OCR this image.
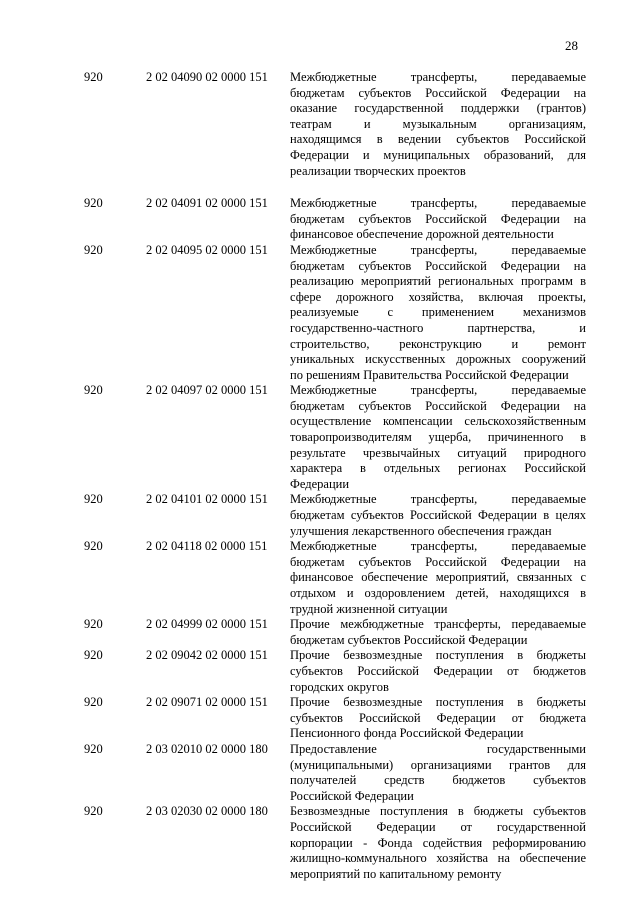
28
920	2 02 04090 02 0000 151	Межбюджетные трансферты, передаваемые
бюджетам субъектов Российской Федерации на
оказание государственной поддержки (грантов)
театрам и музыкальным организациям,
находящимся в ведении субъектов Российской
Федерации и муниципальных образований, для
реализации творческих проектов
920	2 02 04091 02 0000 151	Межбюджетные трансферты, передаваемые
бюджетам субъектов Российской Федерации на
финансовое обеспечение дорожной деятельности
920	2 02 04095 02 0000 151	Межбюджетные трансферты, передаваемые
бюджетам субъектов Российской Федерации на
реализацию мероприятий региональных программ в
сфере дорожного хозяйства, включая проекты,
реализуемые с применением механизмов
государственно-частного партнерства, и
строительство, реконструкцию и ремонт
уникальных искусственных дорожных сооружений
по решениям Правительства Российской Федерации
920	2 02 04097 02 0000 151	Межбюджетные трансферты, передаваемые
бюджетам субъектов Российской Федерации на
осуществление компенсации сельскохозяйственным
товаропроизводителям ущерба, причиненного в
результате чрезвычайных ситуаций природного
характера в отдельных регионах Российской
Федерации
920	2 02 04101 02 0000 151	Межбюджетные трансферты, передаваемые
бюджетам субъектов Российской Федерации в целях
улучшения лекарственного обеспечения граждан
920	2 02 04118 02 0000 151	Межбюджетные трансферты, передаваемые
бюджетам субъектов Российской Федерации на
финансовое обеспечение мероприятий, связанных с
отдыхом и оздоровлением детей, находящихся в
трудной жизненной ситуации
920	2 02 04999 02 0000 151	Прочие межбюджетные трансферты, передаваемые
бюджетам субъектов Российской Федерации
920	2 02 09042 02 0000 151	Прочие безвозмездные поступления в бюджеты
субъектов Российской Федерации от бюджетов
городских округов
920	2 02 09071 02 0000 151	Прочие безвозмездные поступления в бюджеты
субъектов Российской Федерации от бюджета
Пенсионного фонда Российской Федерации
920	2 03 02010 02 0000 180	Предоставление государственными
(муниципальными) организациями грантов для
получателей средств бюджетов субъектов
Российской Федерации
920	2 03 02030 02 0000 180	Безвозмездные поступления в бюджеты субъектов
Российской Федерации от государственной
корпорации - Фонда содействия реформированию
жилищно-коммунального хозяйства на обеспечение
мероприятий по капитальному ремонту
